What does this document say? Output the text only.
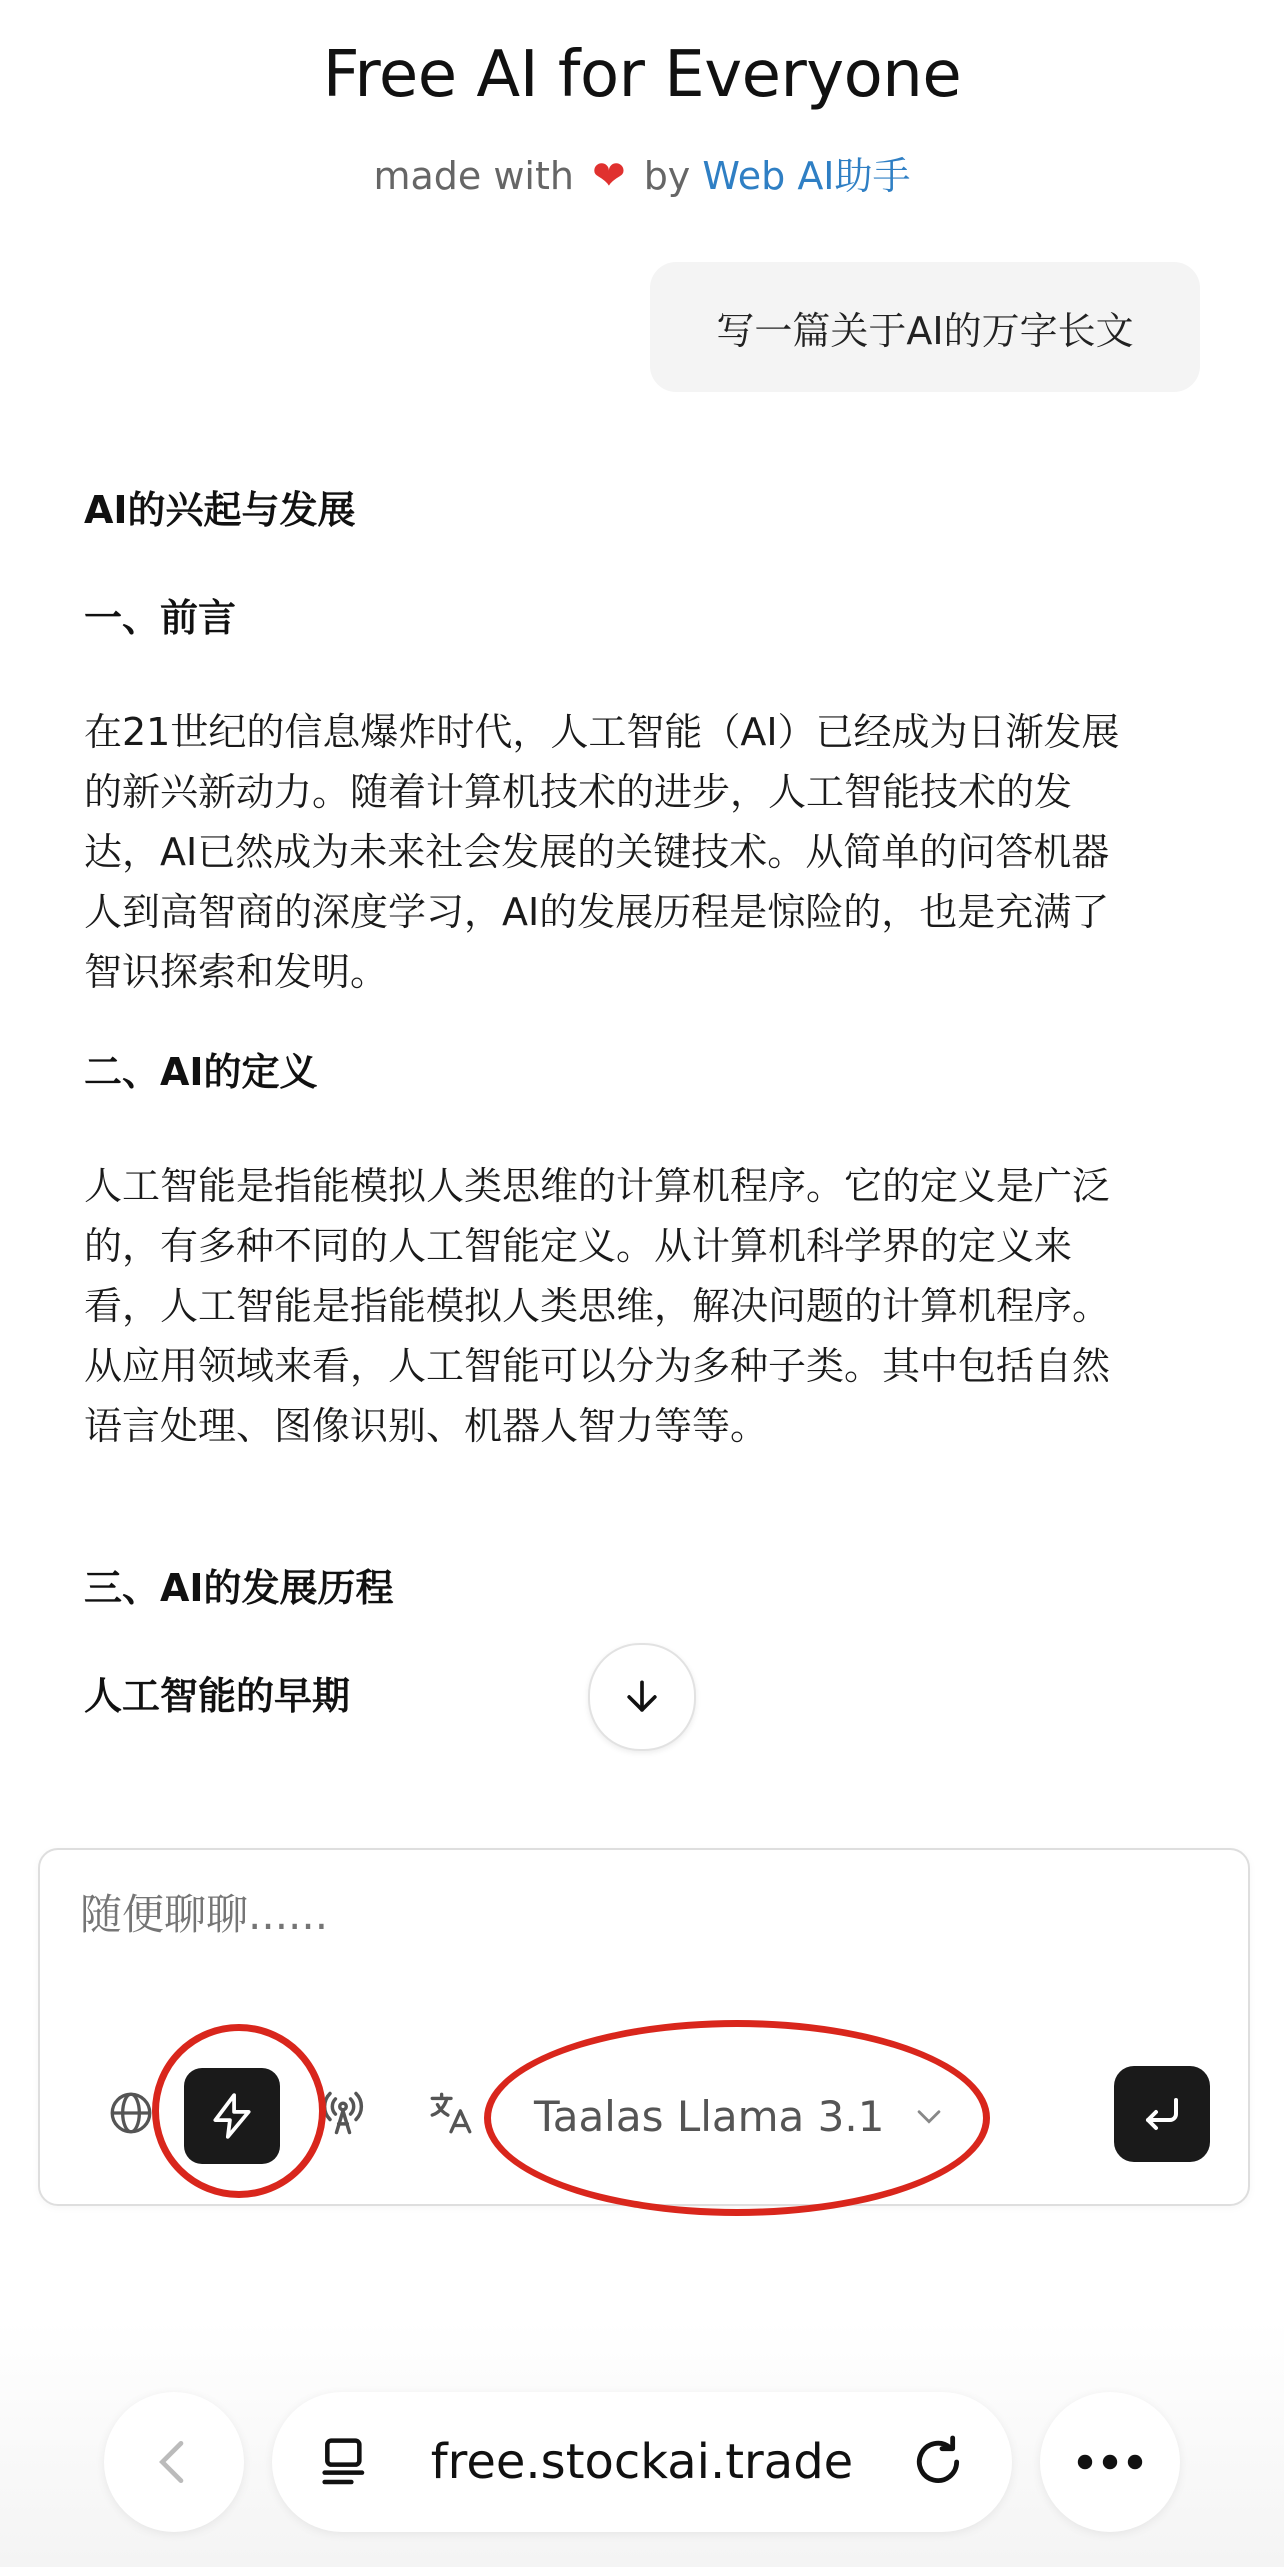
Free AI for Everyone
made with ❤ by Web AI助手
写一篇关于AI的万字长文

AI的兴起与发展

一、前言

在21世纪的信息爆炸时代，人工智能（AI）已经成为日渐发展的新兴新动力。随着计算机技术的进步，人工智能技术的发达，AI已然成为未来社会发展的关键技术。从简单的问答机器人到高智商的深度学习，AI的发展历程是惊险的，也是充满了智识探索和发明。

二、AI的定义

人工智能是指能模拟人类思维的计算机程序。它的定义是广泛的，有多种不同的人工智能定义。从计算机科学界的定义来看，人工智能是指能模拟人类思维，解决问题的计算机程序。从应用领域来看，人工智能可以分为多种子类。其中包括自然语言处理、图像识别、机器人智力等等。

三、AI的发展历程

人工智能的早期

随便聊聊......
Taalas Llama 3.1
free.stockai.trade
